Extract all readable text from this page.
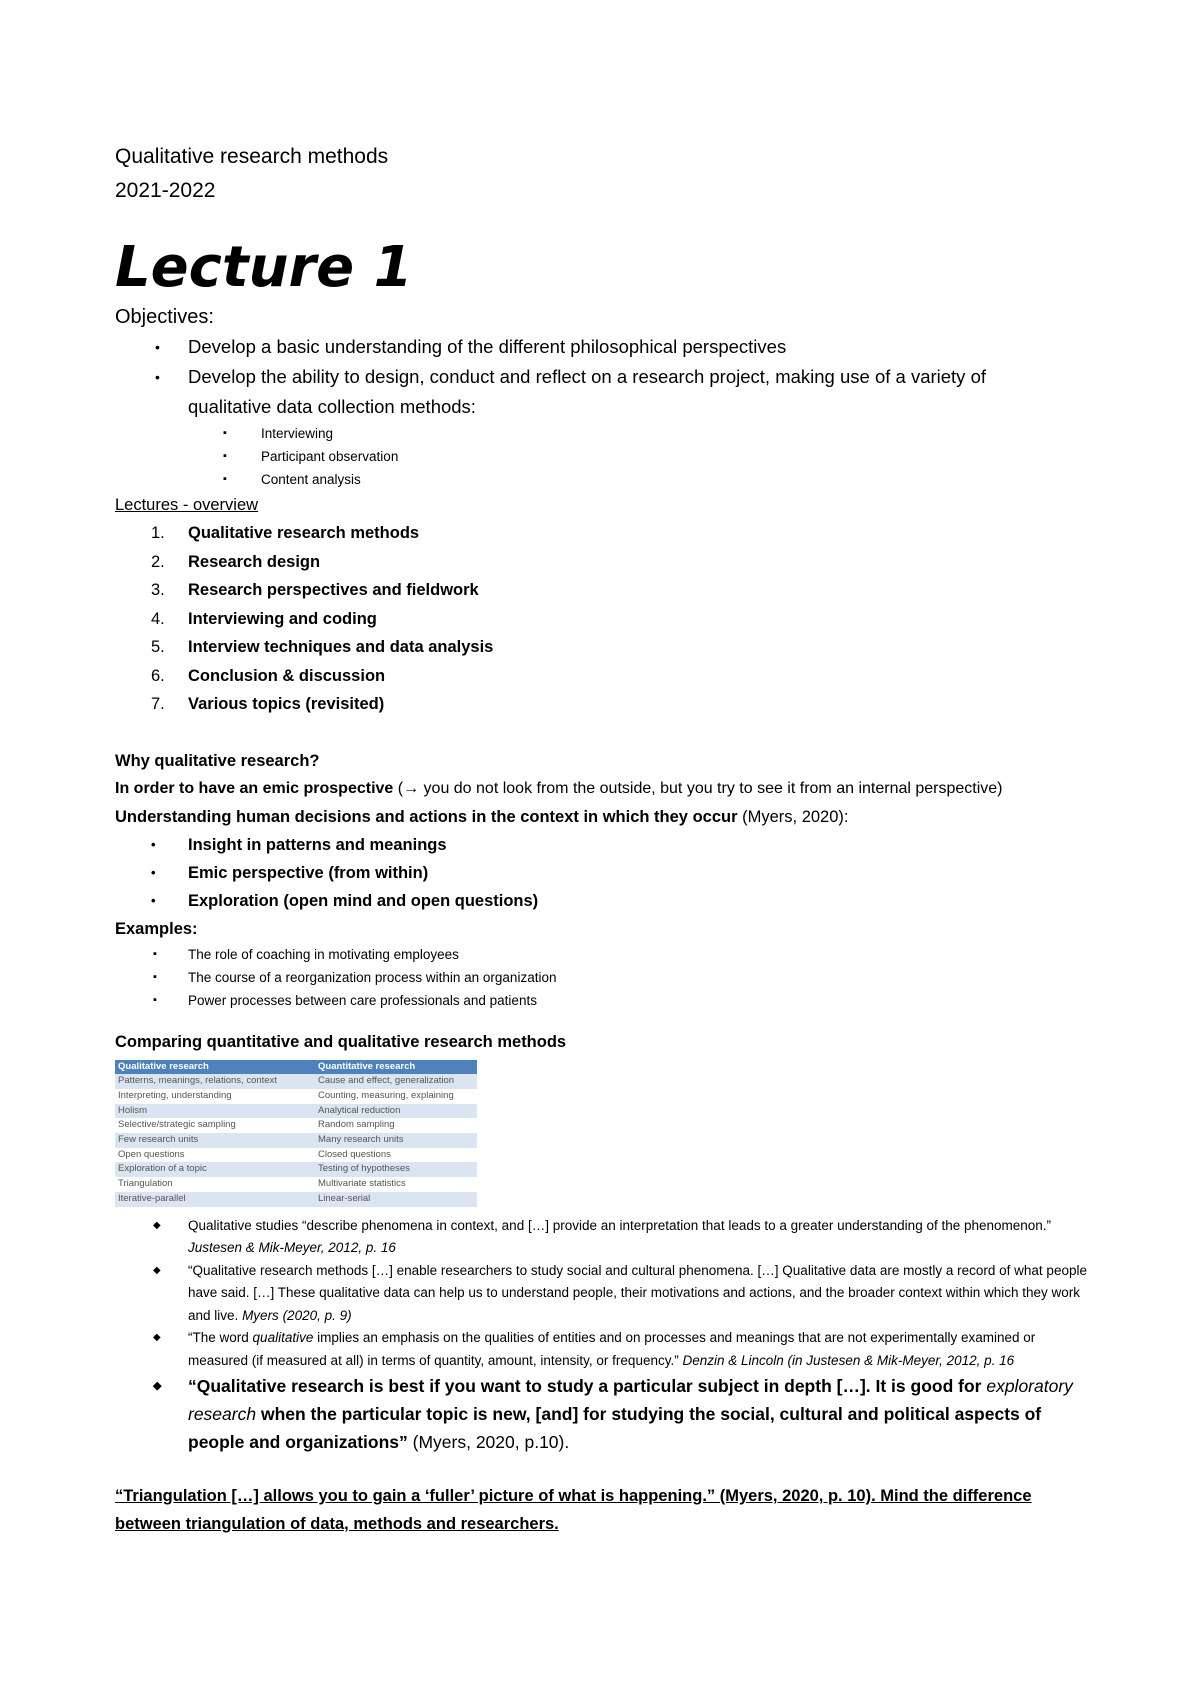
Qualitative research methods
2021-2022
Lecture 1
Objectives:
• Develop a basic understanding of the different philosophical perspectives
• Develop the ability to design, conduct and reflect on a research project, making use of a variety of
qualitative data collection methods:
▪ Interviewing
▪ Participant observation
▪ Content analysis
Lectures - overview
1. Qualitative research methods
2. Research design
3. Research perspectives and fieldwork
4. Interviewing and coding
5. Interview techniques and data analysis
6. Conclusion & discussion
7. Various topics (revisited)
Why qualitative research?
In order to have an emic prospective (→ you do not look from the outside, but you try to see it from an internal perspective)
Understanding human decisions and actions in the context in which they occur (Myers, 2020):
• Insight in patterns and meanings
• Emic perspective (from within)
• Exploration (open mind and open questions)
Examples:
▪ The role of coaching in motivating employees
▪ The course of a reorganization process within an organization
▪ Power processes between care professionals and patients
Comparing quantitative and qualitative research methods
Qualitative research	Quantitative research
Patterns, meanings, relations, context	Cause and effect, generalization
Interpreting, understanding	Counting, measuring, explaining
Holism	Analytical reduction
Selective/strategic sampling	Random sampling
Few research units	Many research units
Open questions	Closed questions
Exploration of a topic	Testing of hypotheses
Triangulation	Multivariate statistics
Iterative-parallel	Linear-serial
◆ Qualitative studies “describe phenomena in context, and […] provide an interpretation that leads to a greater understanding of the phenomenon.” Justesen & Mik-Meyer, 2012, p. 16
◆ “Qualitative research methods […] enable researchers to study social and cultural phenomena. […] Qualitative data are mostly a record of what people have said. […] These qualitative data can help us to understand people, their motivations and actions, and the broader context within which they work and live. Myers (2020, p. 9)
◆ “The word qualitative implies an emphasis on the qualities of entities and on processes and meanings that are not experimentally examined or measured (if measured at all) in terms of quantity, amount, intensity, or frequency.” Denzin & Lincoln (in Justesen & Mik-Meyer, 2012, p. 16
◆ “Qualitative research is best if you want to study a particular subject in depth […]. It is good for exploratory research when the particular topic is new, [and] for studying the social, cultural and political aspects of people and organizations” (Myers, 2020, p.10).
“Triangulation […] allows you to gain a ‘fuller’ picture of what is happening.” (Myers, 2020, p. 10). Mind the difference
between triangulation of data, methods and researchers.
